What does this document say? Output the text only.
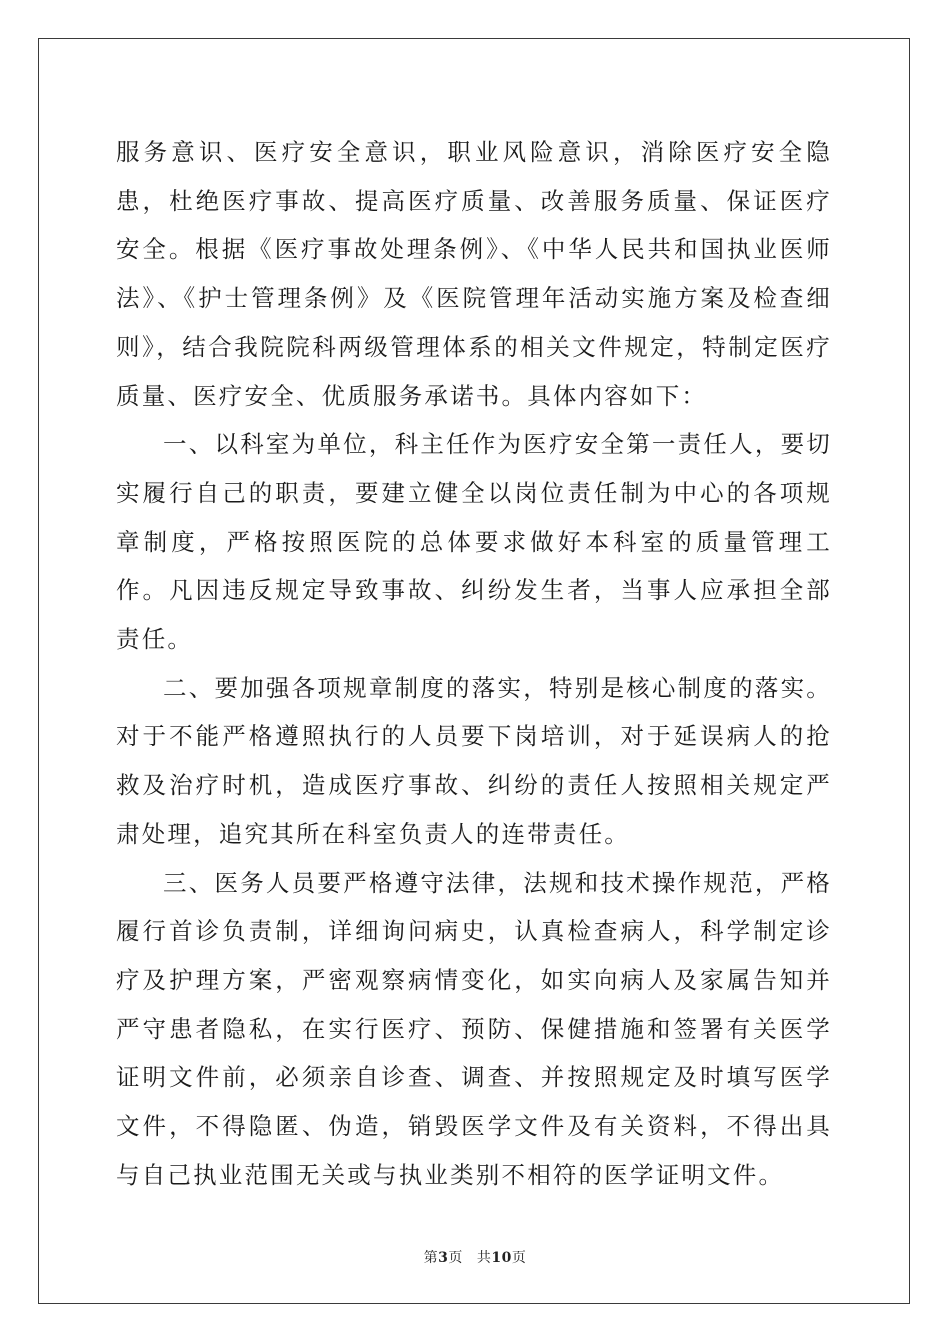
服务意识、医疗安全意识，职业风险意识，消除医疗安全隐患，杜绝医疗事故、提高医疗质量、改善服务质量、保证医疗安全。根据《医疗事故处理条例》、《中华人民共和国执业医师法》、《护士管理条例》及《医院管理年活动实施方案及检查细则》，结合我院院科两级管理体系的相关文件规定，特制定医疗质量、医疗安全、优质服务承诺书。具体内容如下：

一、以科室为单位，科主任作为医疗安全第一责任人，要切实履行自己的职责，要建立健全以岗位责任制为中心的各项规章制度，严格按照医院的总体要求做好本科室的质量管理工作。凡因违反规定导致事故、纠纷发生者，当事人应承担全部责任。

二、要加强各项规章制度的落实，特别是核心制度的落实。对于不能严格遵照执行的人员要下岗培训，对于延误病人的抢救及治疗时机，造成医疗事故、纠纷的责任人按照相关规定严肃处理，追究其所在科室负责人的连带责任。

三、医务人员要严格遵守法律，法规和技术操作规范，严格履行首诊负责制，详细询问病史，认真检查病人，科学制定诊疗及护理方案，严密观察病情变化，如实向病人及家属告知并严守患者隐私，在实行医疗、预防、保健措施和签署有关医学证明文件前，必须亲自诊查、调查、并按照规定及时填写医学文件，不得隐匿、伪造，销毁医学文件及有关资料，不得出具与自己执业范围无关或与执业类别不相符的医学证明文件。

第3页 共10页
